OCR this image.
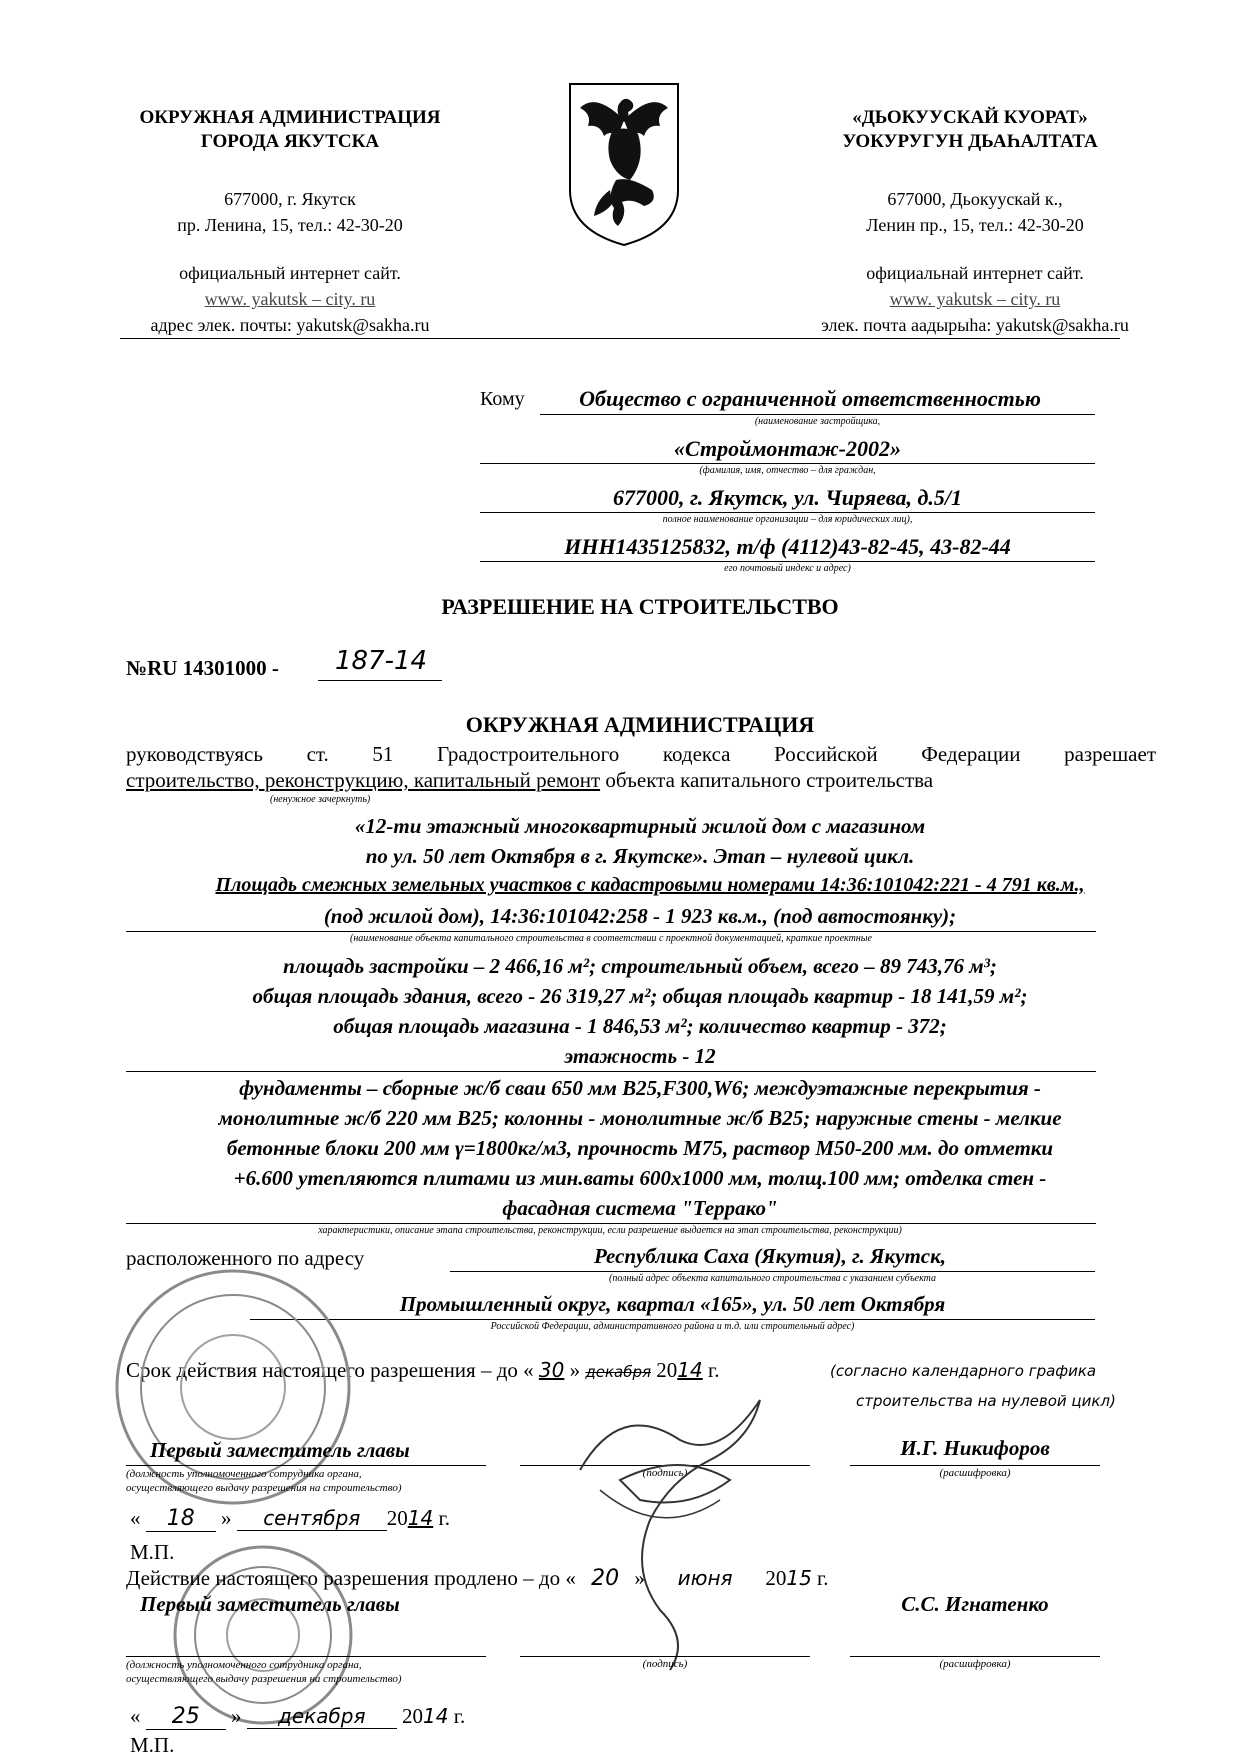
ОКРУЖНАЯ АДМИНИСТРАЦИЯ
ГОРОДА ЯКУТСКА
677000, г. Якутск
пр. Ленина, 15, тел.: 42-30-20
официальный интернет сайт.
www. yakutsk – city. ru
адрес элек. почты: yakutsk@sakha.ru
«ДЬОКУУСКАЙ КУОРАТ»
УОКУРУГУН ДЬАҺАЛТАТА
677000, Дьокуускай к.,
Ленин пр., 15, тел.: 42-30-20
официальнай интернет сайт.
www. yakutsk – city. ru
элек. почта аадырыһа: yakutsk@sakha.ru
Кому	Общество с ограниченной ответственностью
(наименование застройщика,
«Строймонтаж-2002»
(фамилия, имя, отчество – для граждан,
677000, г. Якутск, ул. Чиряева, д.5/1
полное наименование организации – для юридических лиц),
ИНН1435125832, т/ф (4112)43-82-45, 43-82-44
его почтовый индекс и адрес)
РАЗРЕШЕНИЕ НА СТРОИТЕЛЬСТВО
№RU 14301000 -	187-14
ОКРУЖНАЯ АДМИНИСТРАЦИЯ
руководствуясь ст. 51 Градостроительного кодекса Российской Федерации разрешает
строительство, реконструкцию, капитальный ремонт объекта капитального строительства
(ненужное зачеркнуть)
«12-ти этажный многоквартирный жилой дом с магазином
по ул. 50 лет Октября в г. Якутске». Этап – нулевой цикл.
Площадь смежных земельных участков с кадастровыми номерами 14:36:101042:221 - 4 791 кв.м.,
(под жилой дом), 14:36:101042:258 - 1 923 кв.м., (под автостоянку);
(наименование объекта капитального строительства в соответствии с проектной документацией, краткие проектные
площадь застройки – 2 466,16 м²; строительный объем, всего – 89 743,76 м³;
общая площадь здания, всего - 26 319,27 м²; общая площадь квартир - 18 141,59 м²;
общая площадь магазина - 1 846,53 м²; количество квартир - 372;
этажность - 12
фундаменты – сборные ж/б сваи 650 мм В25,F300,W6; междуэтажные перекрытия -
монолитные ж/б 220 мм В25; колонны - монолитные ж/б В25; наружные стены - мелкие
бетонные блоки 200 мм γ=1800кг/м3, прочность М75, раствор М50-200 мм. до отметки
+6.600 утепляются плитами из мин.ваты 600х1000 мм, толщ.100 мм; отделка стен -
фасадная система "Террако"
характеристики, описание этапа строительства, реконструкции, если разрешение выдается на этап строительства, реконструкции)
расположенного по адресу	Республика Саха (Якутия), г. Якутск,
(полный адрес объекта капитального строительства с указанием субъекта
Промышленный округ, квартал «165», ул. 50 лет Октября
Российской Федерации, административного района и т.д. или строительный адрес)
Срок действия настоящего разрешения – до « 30 » декабря 2014 г.	(согласно календарного графика
строительства на нулевой цикл)
Первый заместитель главы
(должность уполномоченного сотрудника органа,
осуществляющего выдачу разрешения на строительство)
(подпись)
И.Г. Никифоров
(расшифровка)
« 18 » сентября 2014 г.
М.П.
Действие настоящего разрешения продлено – до « 20 » июня 2015 г.
Первый заместитель главы	С.С. Игнатенко
(должность уполномоченного сотрудника органа,
осуществляющего выдачу разрешения на строительство)
(подпись)	(расшифровка)
« 25 » декабря 2014 г.
М.П.
